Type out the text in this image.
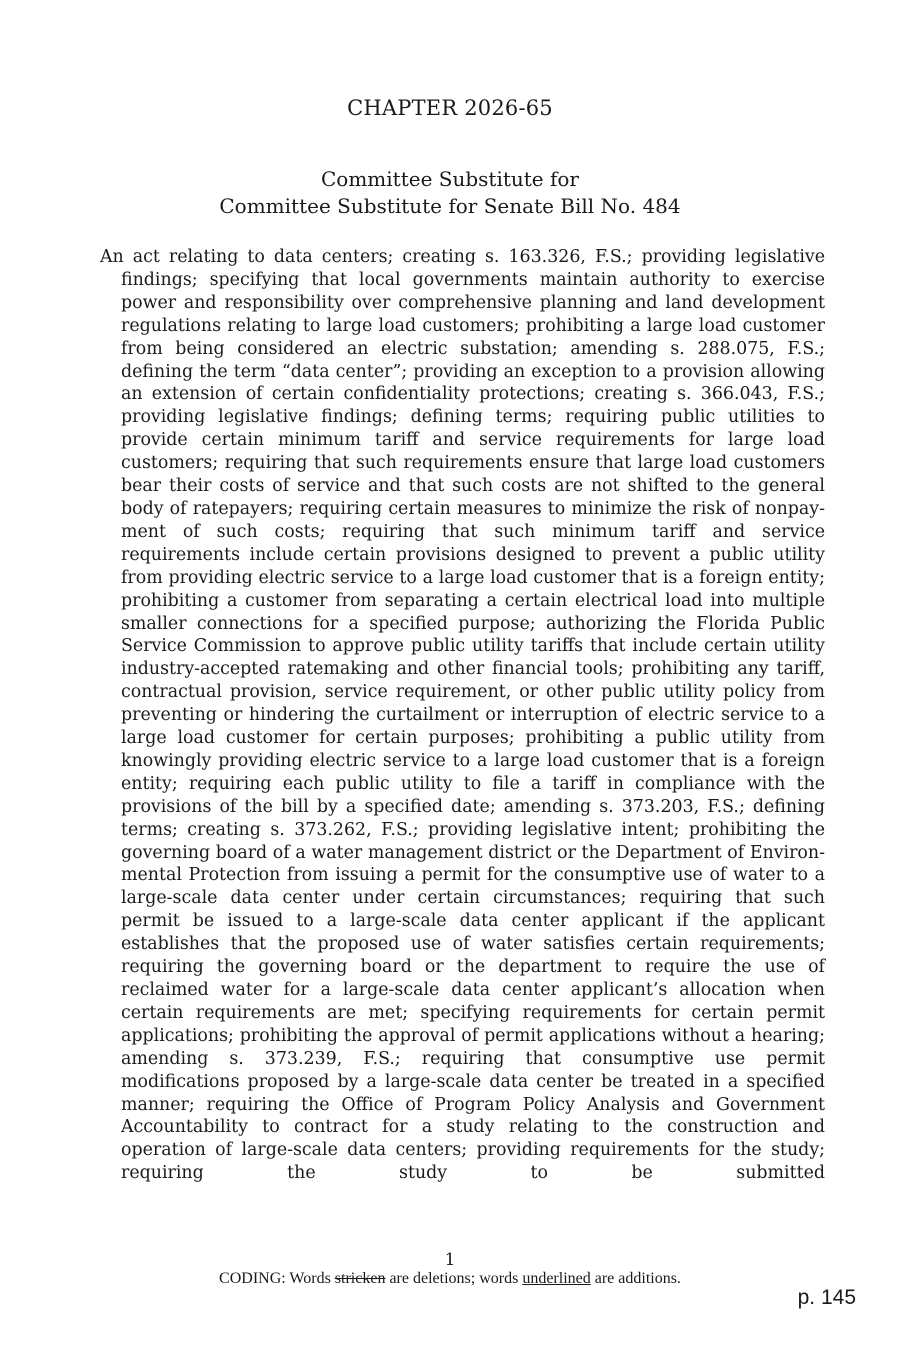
CHAPTER 2026-65
Committee Substitute for
Committee Substitute for Senate Bill No. 484
An act relating to data centers; creating s. 163.326, F.S.; providing legislative findings; specifying that local governments maintain authority to exercise power and responsibility over comprehensive planning and land development regulations relating to large load customers; prohibiting a large load customer from being considered an electric substation; amending s. 288.075, F.S.; defining the term “data center”; providing an exception to a provision allowing an extension of certain confidentiality protections; creating s. 366.043, F.S.; providing legislative findings; defining terms; requiring public utilities to provide certain minimum tariff and service requirements for large load customers; requiring that such requirements ensure that large load customers bear their costs of service and that such costs are not shifted to the general body of ratepayers; requiring certain measures to minimize the risk of nonpayment of such costs; requiring that such minimum tariff and service requirements include certain provisions designed to prevent a public utility from providing electric service to a large load customer that is a foreign entity; prohibiting a customer from separating a certain electrical load into multiple smaller connections for a specified purpose; authorizing the Florida Public Service Commission to approve public utility tariffs that include certain utility industry-accepted ratemaking and other financial tools; prohibiting any tariff, contractual provision, service requirement, or other public utility policy from preventing or hindering the curtailment or interruption of electric service to a large load customer for certain purposes; prohibiting a public utility from knowingly providing electric service to a large load customer that is a foreign entity; requiring each public utility to file a tariff in compliance with the provisions of the bill by a specified date; amending s. 373.203, F.S.; defining terms; creating s. 373.262, F.S.; providing legislative intent; prohibiting the governing board of a water management district or the Department of Environmental Protection from issuing a permit for the consumptive use of water to a large-scale data center under certain circumstances; requiring that such permit be issued to a large-scale data center applicant if the applicant establishes that the proposed use of water satisfies certain requirements; requiring the governing board or the department to require the use of reclaimed water for a large-scale data center applicant’s allocation when certain requirements are met; specifying requirements for certain permit applications; prohibiting the approval of permit applications without a hearing; amending s. 373.239, F.S.; requiring that consumptive use permit modifications proposed by a large-scale data center be treated in a specified manner; requiring the Office of Program Policy Analysis and Government Accountability to contract for a study relating to the construction and operation of large-scale data centers; providing requirements for the study; requiring the study to be submitted
1
CODING: Words stricken are deletions; words underlined are additions.
p. 145
